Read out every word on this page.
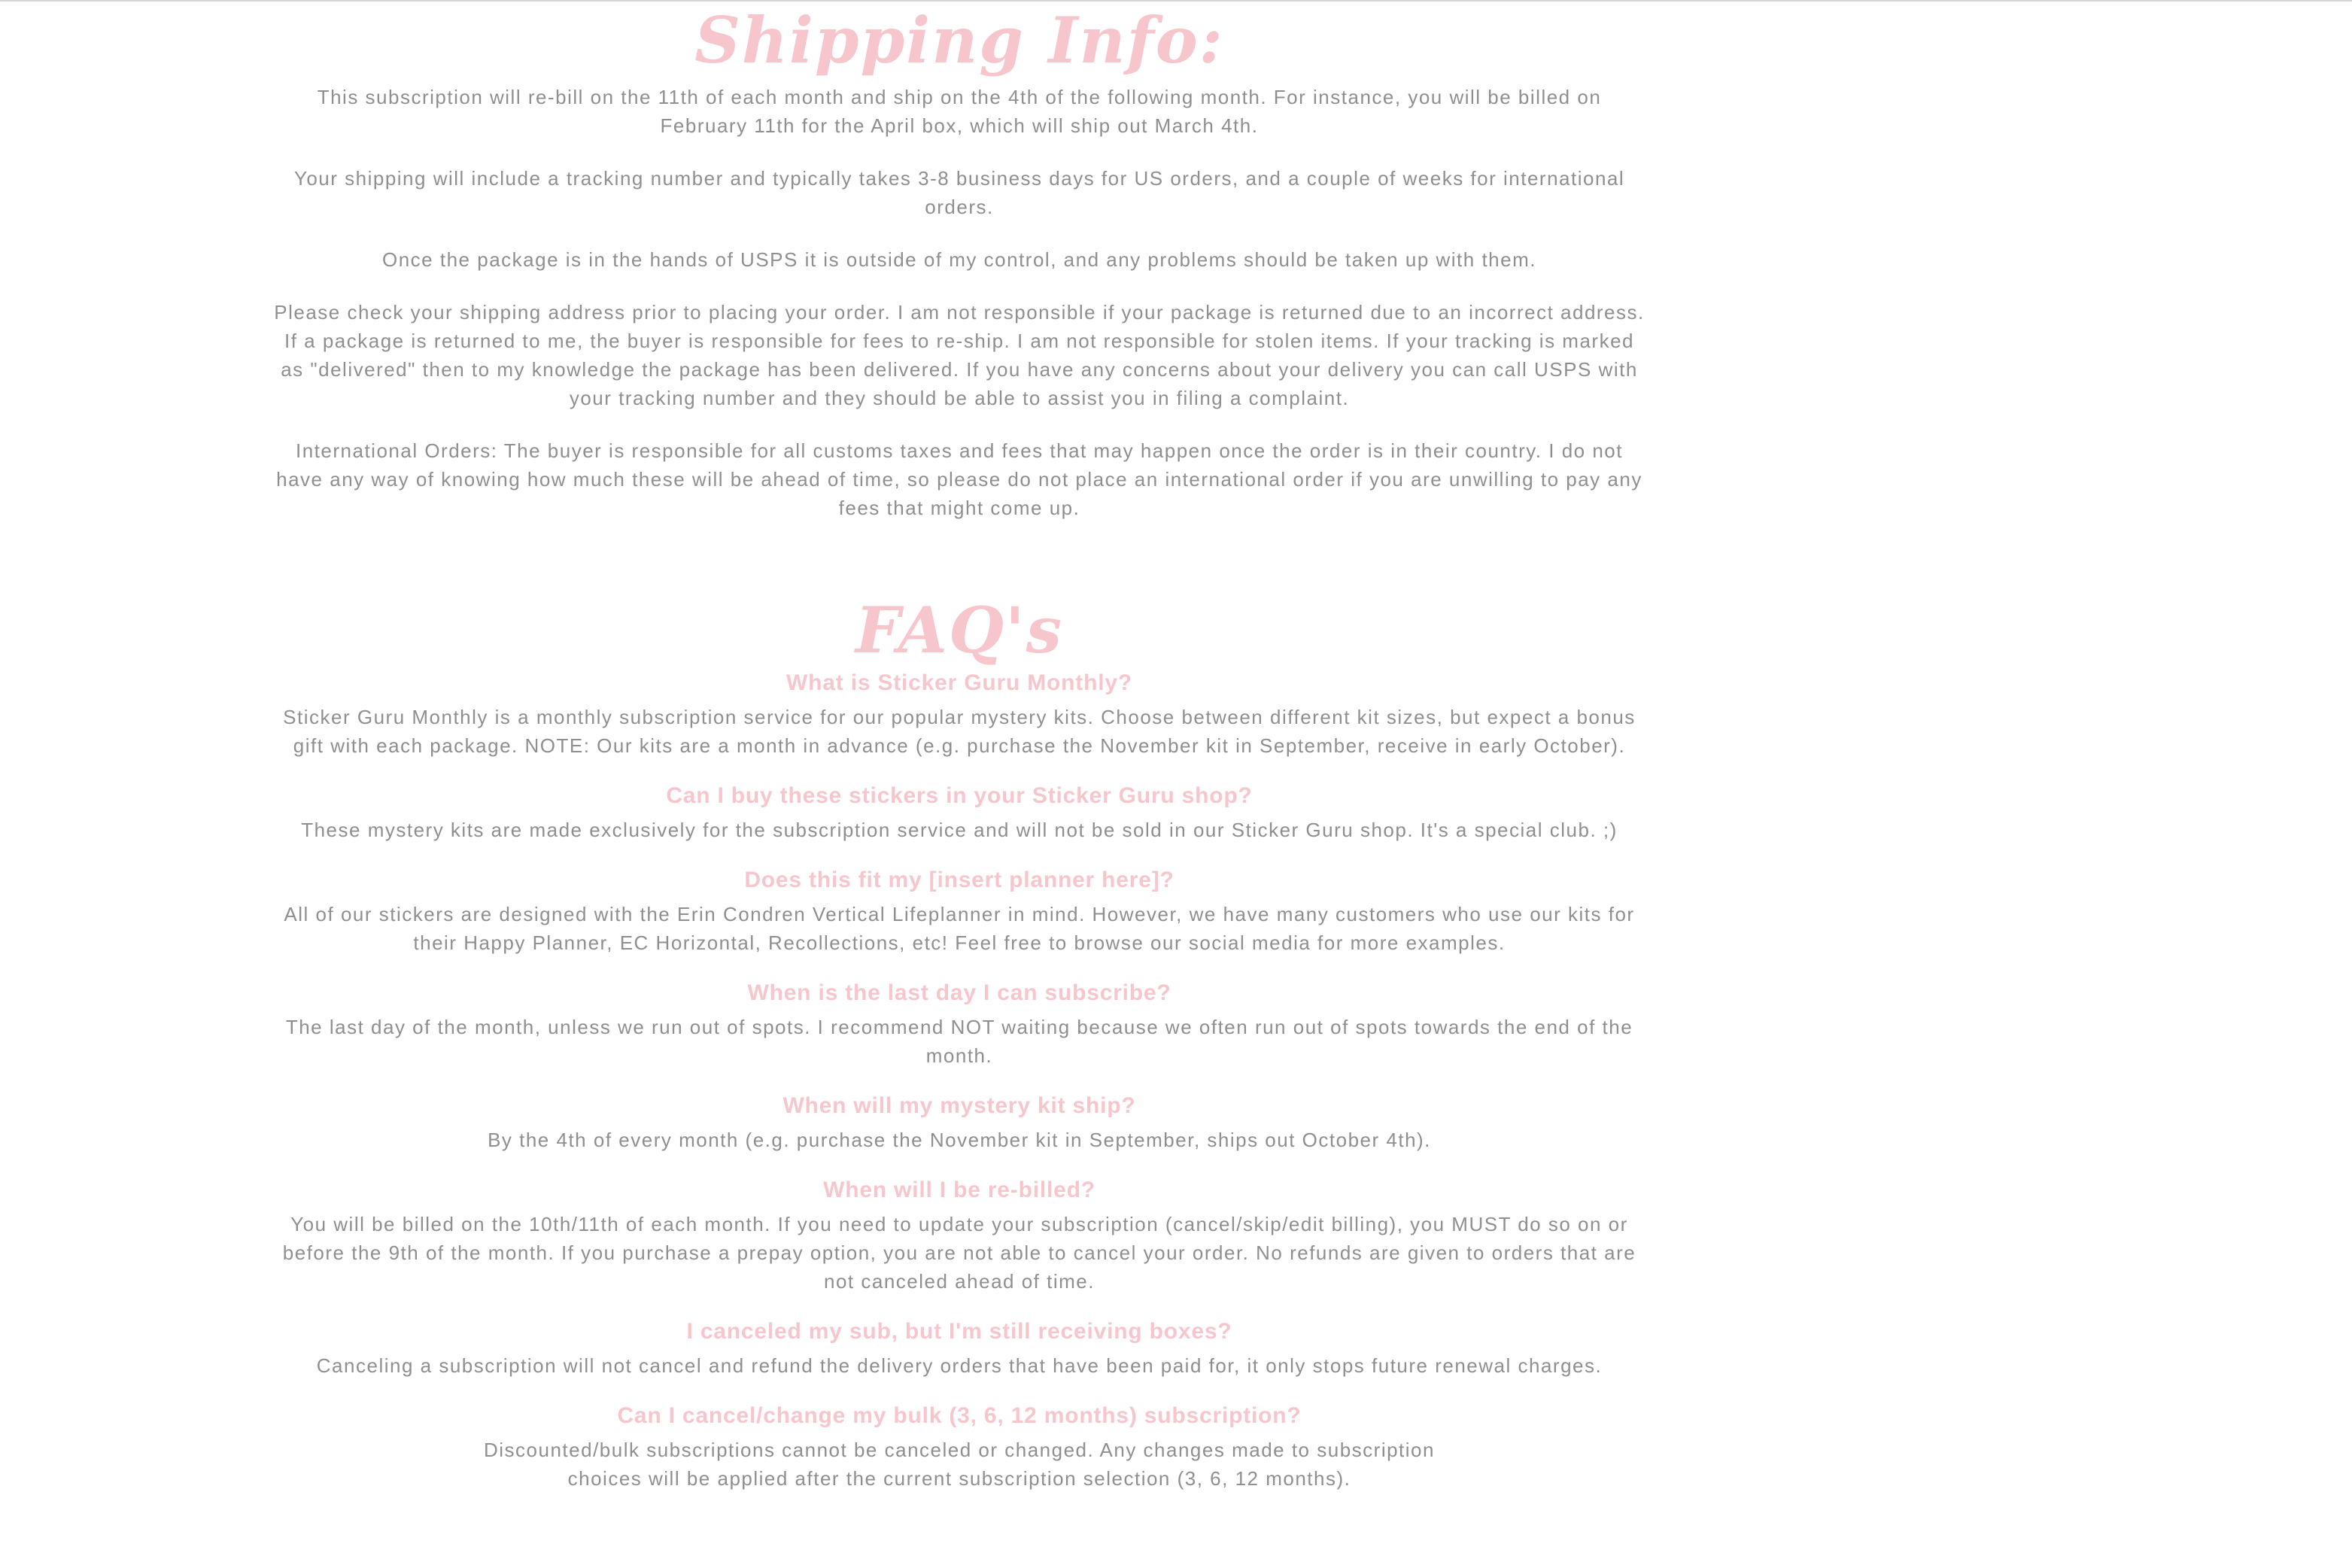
Shipping Info:

This subscription will re-bill on the 11th of each month and ship on the 4th of the following month. For instance, you will be billed on February 11th for the April box, which will ship out March 4th.

Your shipping will include a tracking number and typically takes 3-8 business days for US orders, and a couple of weeks for international orders.

Once the package is in the hands of USPS it is outside of my control, and any problems should be taken up with them.

Please check your shipping address prior to placing your order. I am not responsible if your package is returned due to an incorrect address. If a package is returned to me, the buyer is responsible for fees to re-ship. I am not responsible for stolen items. If your tracking is marked as "delivered" then to my knowledge the package has been delivered. If you have any concerns about your delivery you can call USPS with your tracking number and they should be able to assist you in filing a complaint.

International Orders: The buyer is responsible for all customs taxes and fees that may happen once the order is in their country. I do not have any way of knowing how much these will be ahead of time, so please do not place an international order if you are unwilling to pay any fees that might come up.

FAQ's
What is Sticker Guru Monthly?

Sticker Guru Monthly is a monthly subscription service for our popular mystery kits. Choose between different kit sizes, but expect a bonus gift with each package. NOTE: Our kits are a month in advance (e.g. purchase the November kit in September, receive in early October).

Can I buy these stickers in your Sticker Guru shop?

These mystery kits are made exclusively for the subscription service and will not be sold in our Sticker Guru shop. It's a special club. ;)

Does this fit my [insert planner here]?

All of our stickers are designed with the Erin Condren Vertical Lifeplanner in mind. However, we have many customers who use our kits for their Happy Planner, EC Horizontal, Recollections, etc! Feel free to browse our social media for more examples.

When is the last day I can subscribe?

The last day of the month, unless we run out of spots. I recommend NOT waiting because we often run out of spots towards the end of the month.

When will my mystery kit ship?

By the 4th of every month (e.g. purchase the November kit in September, ships out October 4th).

When will I be re-billed?

You will be billed on the 10th/11th of each month. If you need to update your subscription (cancel/skip/edit billing), you MUST do so on or before the 9th of the month. If you purchase a prepay option, you are not able to cancel your order. No refunds are given to orders that are not canceled ahead of time.

I canceled my sub, but I'm still receiving boxes?

Canceling a subscription will not cancel and refund the delivery orders that have been paid for, it only stops future renewal charges.

Can I cancel/change my bulk (3, 6, 12 months) subscription?

Discounted/bulk subscriptions cannot be canceled or changed. Any changes made to subscription choices will be applied after the current subscription selection (3, 6, 12 months).
